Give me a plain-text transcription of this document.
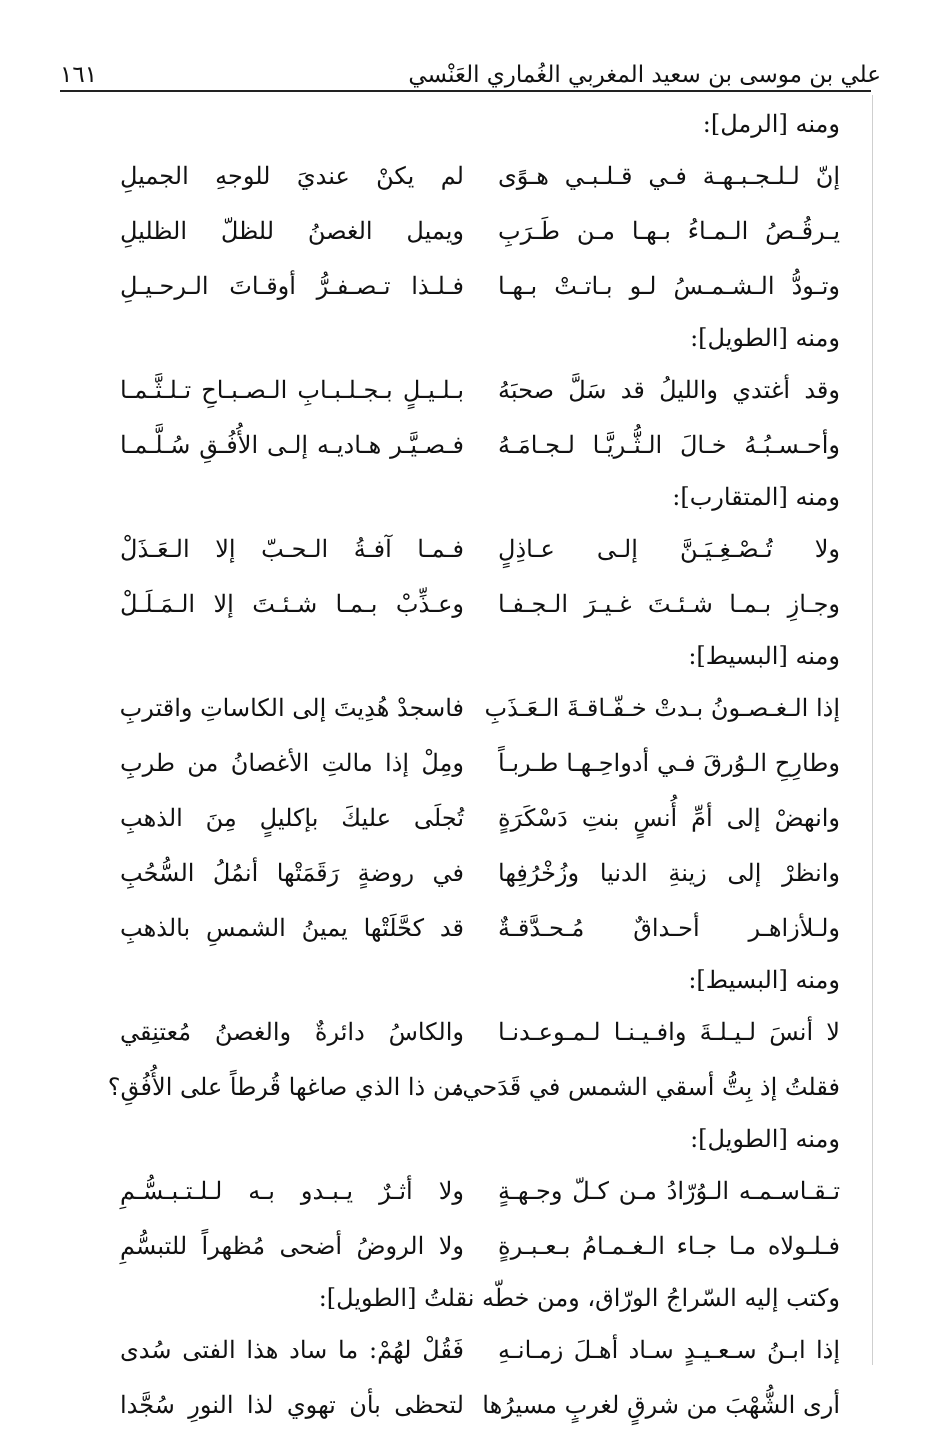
علي بن موسى بن سعيد المغربي الغُماري العَنْسي
١٦١
ومنه [الرمل]:
إنّ لـلـجـبـهـة فـي قـلـبـي هـوًى
لم يكنْ عنديَ للوجهِ الجميلِ
يـرقُـصُ الـمـاءُ بـهـا مـن طَـرَبِ
ويميل الغصنُ للظلّ الظليلِ
وتـودُّ الـشـمـسُ لـو بـاتـتْ بـهـا
فـلـذا تـصـفـرُّ أوقـاتَ الـرحـيـلِ
ومنه [الطويل]:
وقد أغتدي والليلُ قد سَلَّ صحبَهُ
بـلـيـلٍ بـجـلـبـابِ الـصـبـاحِ تـلـثَّـمـا
وأحـسـبُـهُ خـالَ الـثُّـريَّـا لـجـامَـهُ
فـصـيَّـر هـاديـه إلـى الأُفُـقِ سُـلَّـمـا
ومنه [المتقارب]:
ولا تُـصْـغِـيَـنَّ إلـى عـاذِلٍ
فـمـا آفـةُ الـحـبّ إلا الـعَـذَلْ
وجـازِ بـمـا شـئـتَ غـيـرَ الـجـفـا
وعـذِّبْ بـمـا شـئـتَ إلا الـمَـلَـلْ
ومنه [البسيط]:
إذا الـغـصـونُ بـدتْ خـفّـاقـةَ الـعَـذَبِ
فاسجدْ هُدِيتَ إلى الكاساتِ واقتربِ
وطارِحِ الـوُرقَ فـي أدواحِـهـا طـربـاً
ومِلْ إذا مالتِ الأغصانُ من طربِ
وانهضْ إلى أمِّ أُنسٍ بنتِ دَسْكَرَةٍ
تُجلَى عليكَ بإكليلٍ مِنَ الذهبِ
وانظرْ إلى زينةِ الدنيا وزُخْرُفِها
في روضةٍ رَقَمَتْها أنمُلُ السُّحُبِ
ولـلأزاهـر أحـداقٌ مُـحـدَّقـةٌ
قد كحَّلَتْها يمينُ الشمسِ بالذهبِ
ومنه [البسيط]:
لا أنسَ لـيـلـةَ وافـيـنـا لـمـوعـدنـا
والكاسُ دائرةٌ والغصنُ مُعتنِقي
فقلتُ إذ بِتُّ أسقي الشمس في قَدَحي:
من ذا الذي صاغها قُرطاً على الأُفُقِ؟
ومنه [الطويل]:
تـقـاسـمـه الـوُرّادُ مـن كـلّ وجـهـةٍ
ولا أثـرٌ يـبـدو بـه لـلـتـبـسُّـمِ
فـلـولاه مـا جـاء الـغـمـامُ بـعـبـرةٍ
ولا الروضُ أضحى مُظهراً للتبسُّمِ
وكتب إليه السّراجُ الورّاق، ومن خطّه نقلتُ [الطويل]:
إذا ابـنُ سـعـيـدٍ سـاد أهـلَ زمـانـهِ
فَقُلْ لهُمْ: ما ساد هذا الفتى سُدى
أرى الشُّهْبَ من شرقٍ لغربٍ مسيرُها
لتحظى بأن تهوي لذا النورِ سُجَّدا
